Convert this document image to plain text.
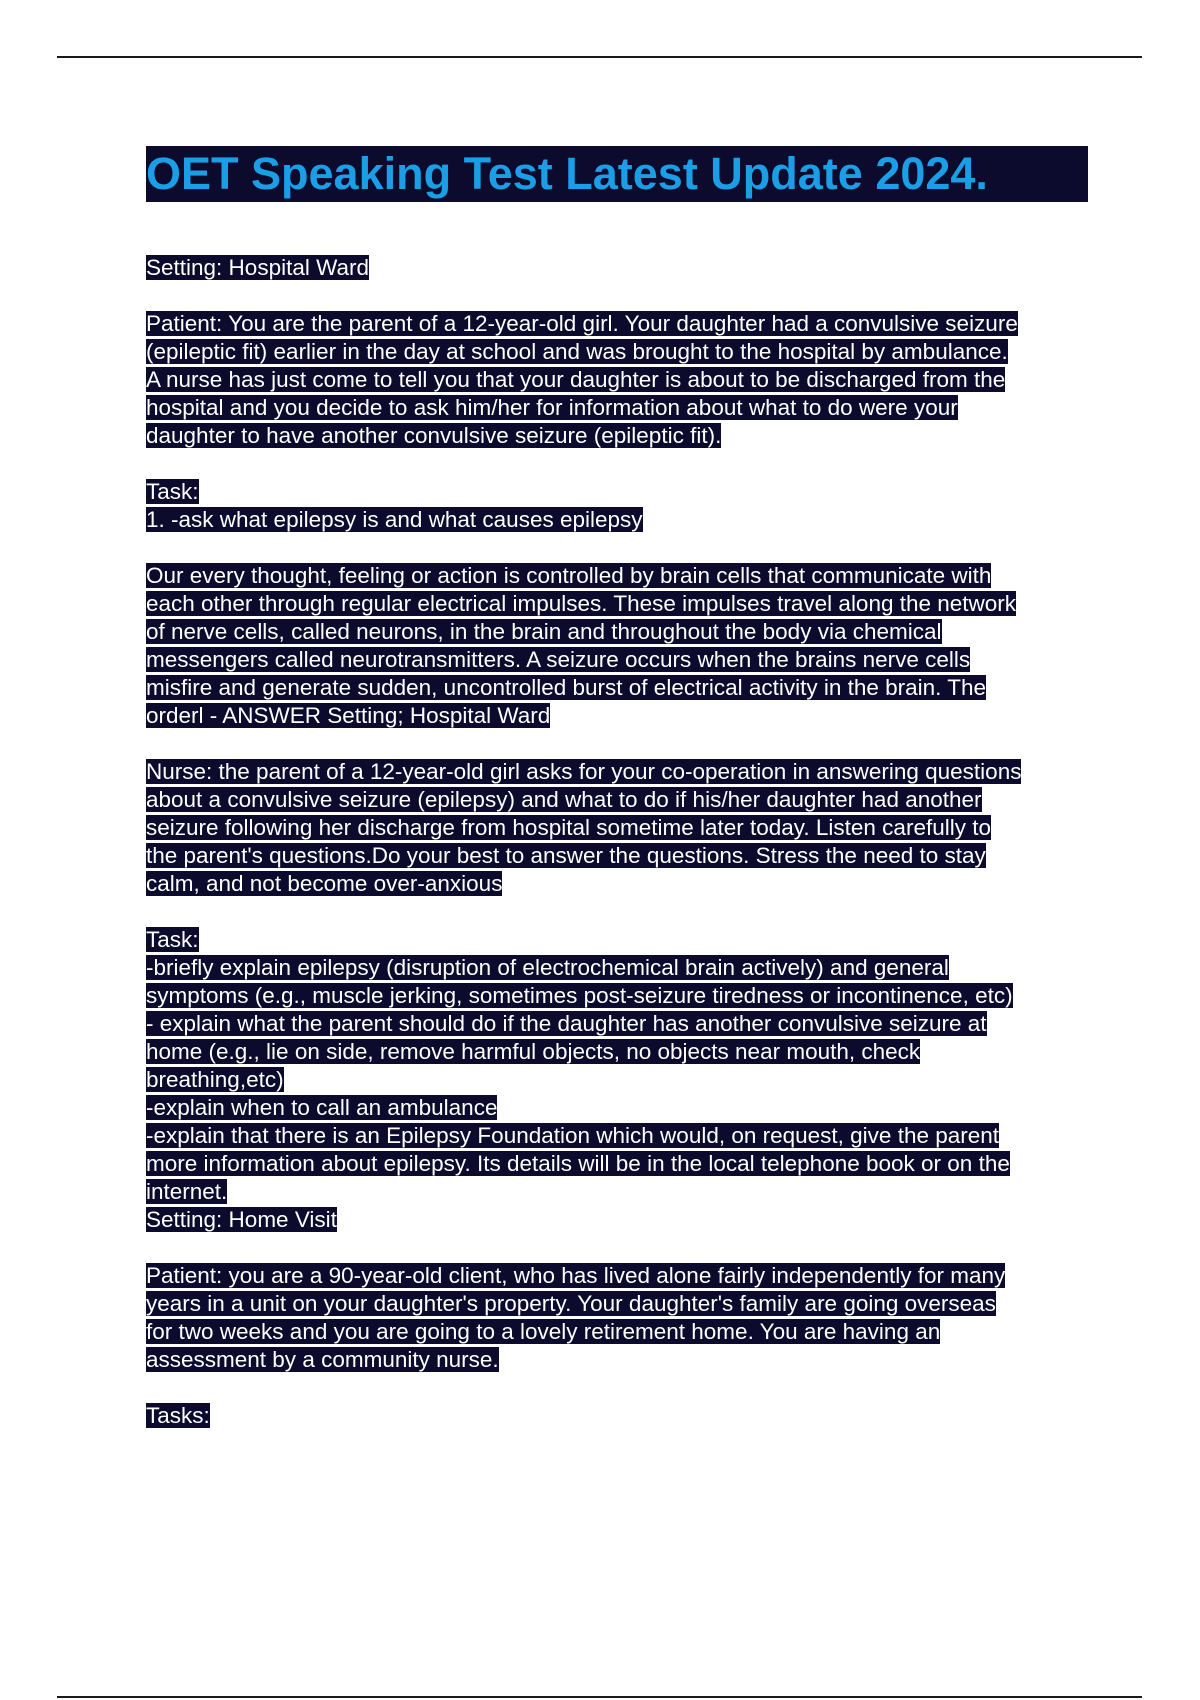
OET Speaking Test Latest Update 2024.
Setting: Hospital Ward
Patient: You are the parent of a 12-year-old girl. Your daughter had a convulsive seizure
(epileptic fit) earlier in the day at school and was brought to the hospital by ambulance.
A nurse has just come to tell you that your daughter is about to be discharged from the
hospital and you decide to ask him/her for information about what to do were your
daughter to have another convulsive seizure (epileptic fit).
Task:
1. -ask what epilepsy is and what causes epilepsy
Our every thought, feeling or action is controlled by brain cells that communicate with
each other through regular electrical impulses. These impulses travel along the network
of nerve cells, called neurons, in the brain and throughout the body via chemical
messengers called neurotransmitters. A seizure occurs when the brains nerve cells
misfire and generate sudden, uncontrolled burst of electrical activity in the brain. The
orderl - ANSWER Setting; Hospital Ward
Nurse: the parent of a 12-year-old girl asks for your co-operation in answering questions
about a convulsive seizure (epilepsy) and what to do if his/her daughter had another
seizure following her discharge from hospital sometime later today. Listen carefully to
the parent's questions.Do your best to answer the questions. Stress the need to stay
calm, and not become over-anxious
Task:
-briefly explain epilepsy (disruption of electrochemical brain actively) and general
symptoms (e.g., muscle jerking, sometimes post-seizure tiredness or incontinence, etc)
- explain what the parent should do if the daughter has another convulsive seizure at
home (e.g., lie on side, remove harmful objects, no objects near mouth, check
breathing,etc)
-explain when to call an ambulance
-explain that there is an Epilepsy Foundation which would, on request, give the parent
more information about epilepsy. Its details will be in the local telephone book or on the
internet.
Setting: Home Visit
Patient: you are a 90-year-old client, who has lived alone fairly independently for many
years in a unit on your daughter's property. Your daughter's family are going overseas
for two weeks and you are going to a lovely retirement home. You are having an
assessment by a community nurse.
Tasks:
